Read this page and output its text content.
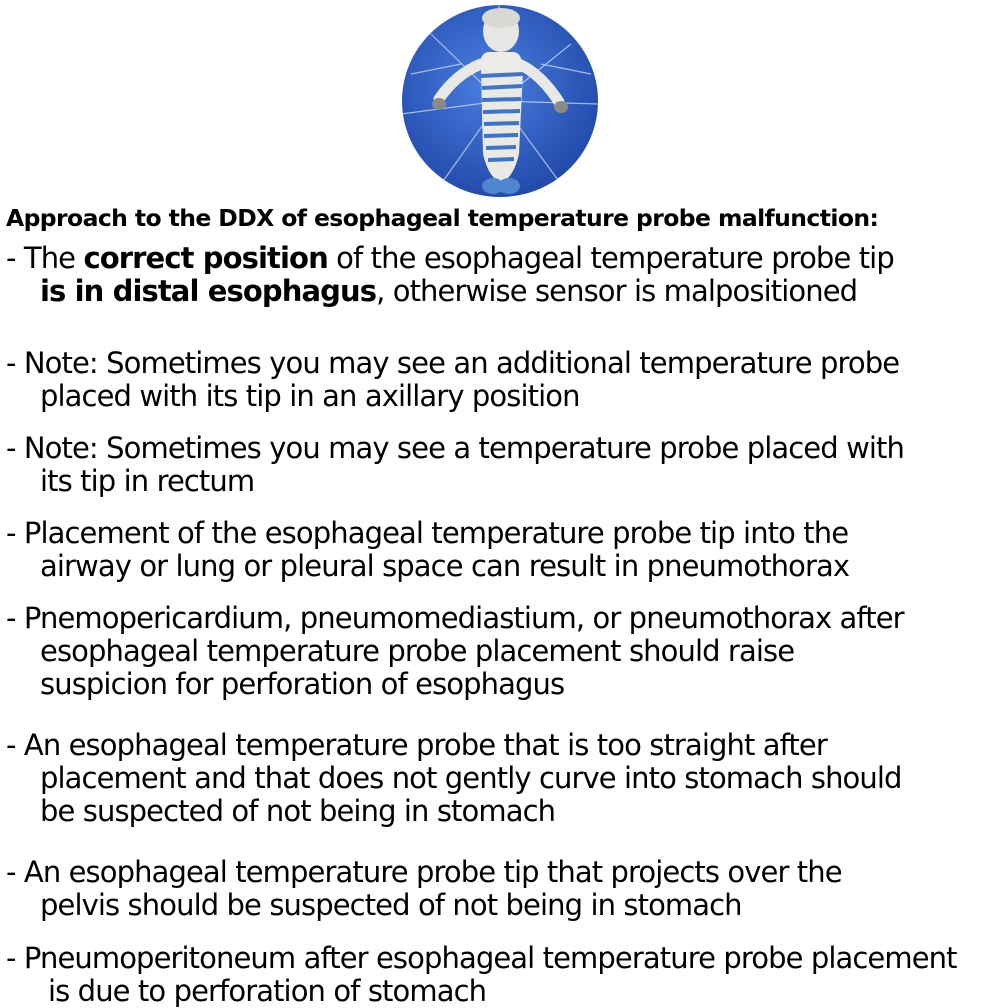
Approach to the DDX of esophageal temperature probe malfunction:
- The correct position of the esophageal temperature probe tip
is in distal esophagus, otherwise sensor is malpositioned
- Note: Sometimes you may see an additional temperature probe
placed with its tip in an axillary position
- Note: Sometimes you may see a temperature probe placed with
its tip in rectum
- Placement of the esophageal temperature probe tip into the
airway or lung or pleural space can result in pneumothorax
- Pnemopericardium, pneumomediastium, or pneumothorax after
esophageal temperature probe placement should raise
suspicion for perforation of esophagus
- An esophageal temperature probe that is too straight after
placement and that does not gently curve into stomach should
be suspected of not being in stomach
- An esophageal temperature probe tip that projects over the
pelvis should be suspected of not being in stomach
- Pneumoperitoneum after esophageal temperature probe placement
is due to perforation of stomach
